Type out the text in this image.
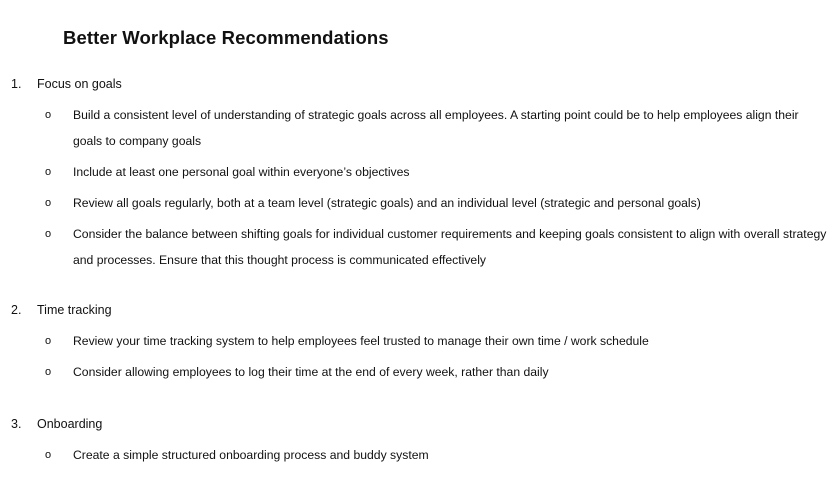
Better Workplace Recommendations
1. Focus on goals
o Build a consistent level of understanding of strategic goals across all employees. A starting point could be to help employees align their goals to company goals
o Include at least one personal goal within everyone’s objectives
o Review all goals regularly, both at a team level (strategic goals) and an individual level (strategic and personal goals)
o Consider the balance between shifting goals for individual customer requirements and keeping goals consistent to align with overall strategy and processes. Ensure that this thought process is communicated effectively
2. Time tracking
o Review your time tracking system to help employees feel trusted to manage their own time / work schedule
o Consider allowing employees to log their time at the end of every week, rather than daily
3. Onboarding
o Create a simple structured onboarding process and buddy system
